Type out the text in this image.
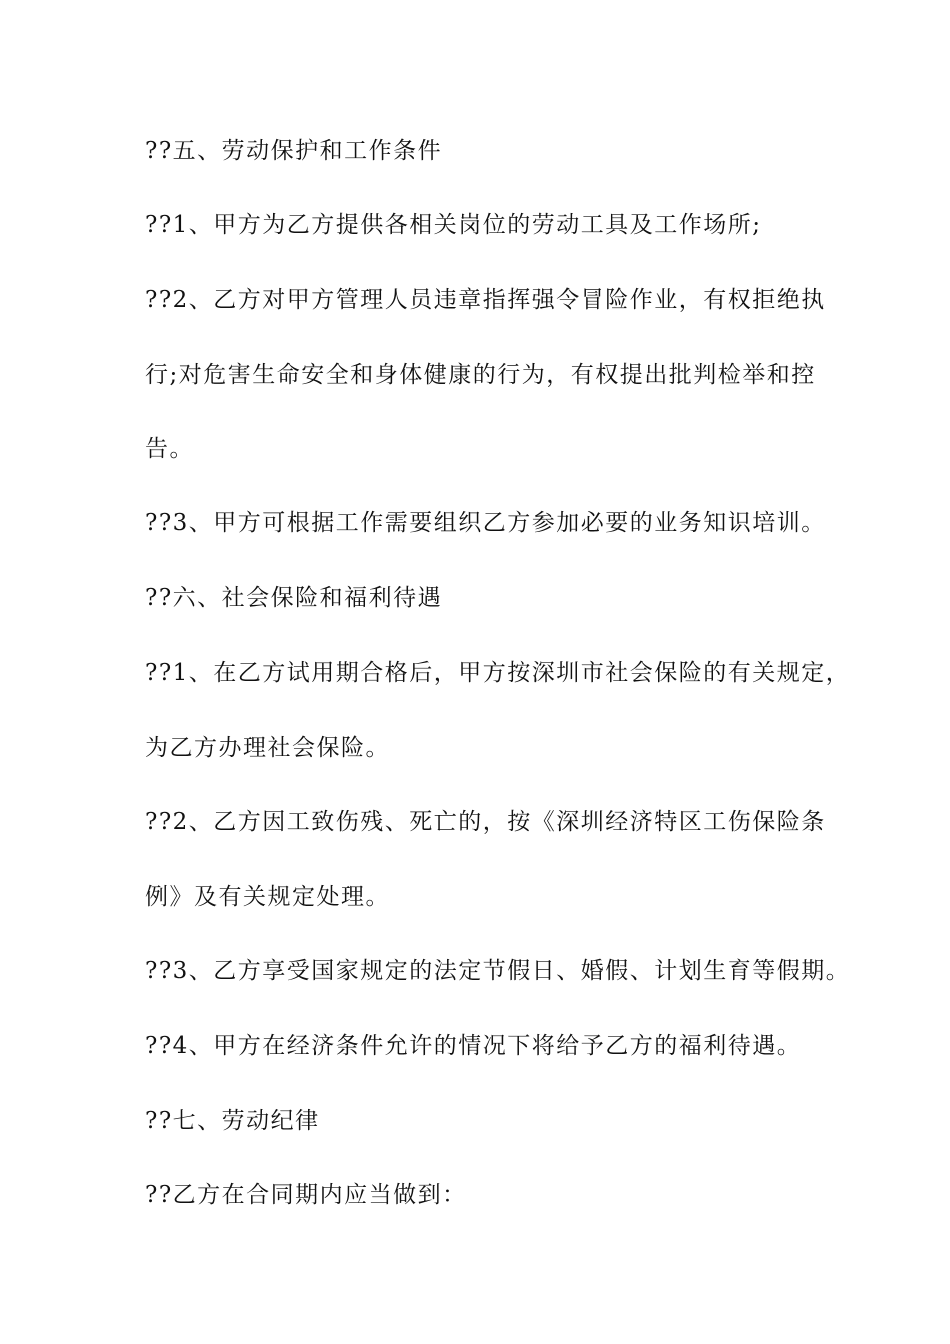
??五、劳动保护和工作条件
??1、甲方为乙方提供各相关岗位的劳动工具及工作场所;
??2、乙方对甲方管理人员违章指挥强令冒险作业，有权拒绝执
行;对危害生命安全和身体健康的行为，有权提出批判检举和控
告。
??3、甲方可根据工作需要组织乙方参加必要的业务知识培训。
??六、社会保险和福利待遇
??1、在乙方试用期合格后，甲方按深圳市社会保险的有关规定，
为乙方办理社会保险。
??2、乙方因工致伤残、死亡的，按《深圳经济特区工伤保险条
例》及有关规定处理。
??3、乙方享受国家规定的法定节假日、婚假、计划生育等假期。
??4、甲方在经济条件允许的情况下将给予乙方的福利待遇。
??七、劳动纪律
??乙方在合同期内应当做到：
